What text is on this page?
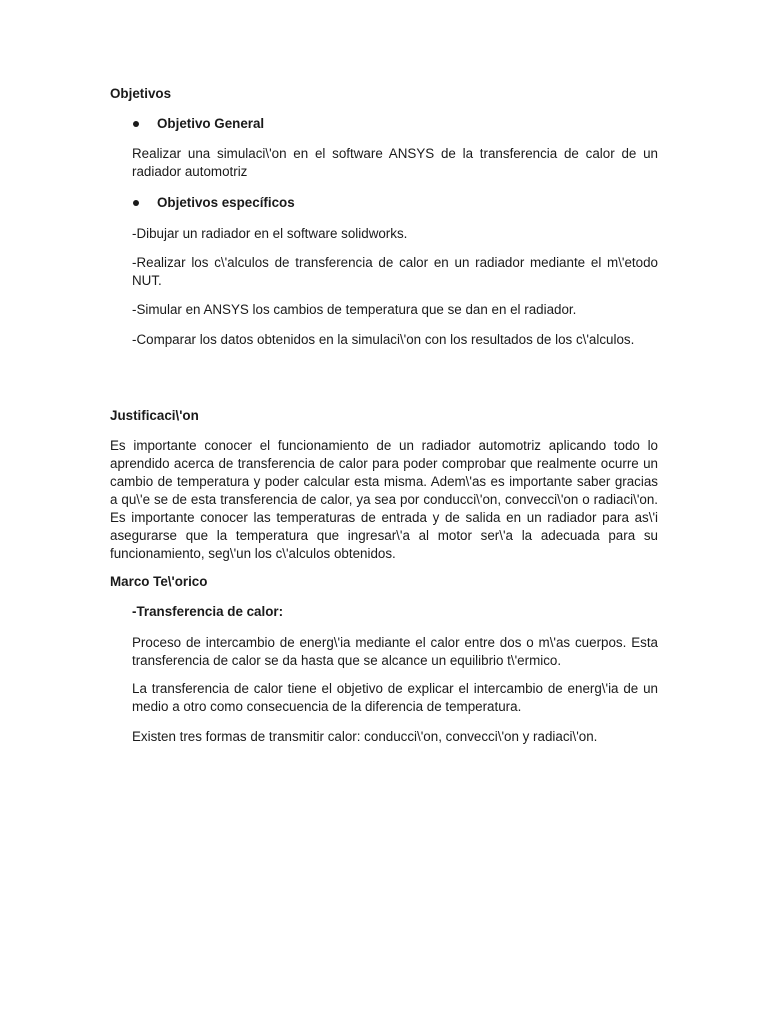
Objetivos
Objetivo General

Realizar una simulaci\'on en el software ANSYS de la transferencia de calor de un radiador automotriz

Objetivos específicos

-Dibujar un radiador en el software solidworks.

-Realizar los c\'alculos de transferencia de calor en un radiador mediante el m\'etodo NUT.

-Simular en ANSYS los cambios de temperatura que se dan en el radiador.

-Comparar los datos obtenidos en la simulaci\'on con los resultados de los c\'alculos.

Justificaci\'on

Es importante conocer el funcionamiento de un radiador automotriz aplicando todo lo aprendido acerca de transferencia de calor para poder comprobar que realmente ocurre un cambio de temperatura y poder calcular esta misma. Adem\'as es importante saber gracias a qu\'e se de esta transferencia de calor, ya sea por conducci\'on, convecci\'on o radiaci\'on. Es importante conocer las temperaturas de entrada y de salida en un radiador para as\'i asegurarse que la temperatura que ingresar\'a al motor ser\'a la adecuada para su funcionamiento, seg\'un los c\'alculos obtenidos.

Marco Te\'orico
-Transferencia de calor:

Proceso de intercambio de energ\'ia mediante el calor entre dos o m\'as cuerpos. Esta transferencia de calor se da hasta que se alcance un equilibrio t\'ermico.

La transferencia de calor tiene el objetivo de explicar el intercambio de energ\'ia de un medio a otro como consecuencia de la diferencia de temperatura.

Existen tres formas de transmitir calor: conducci\'on, convecci\'on y radiaci\'on.
